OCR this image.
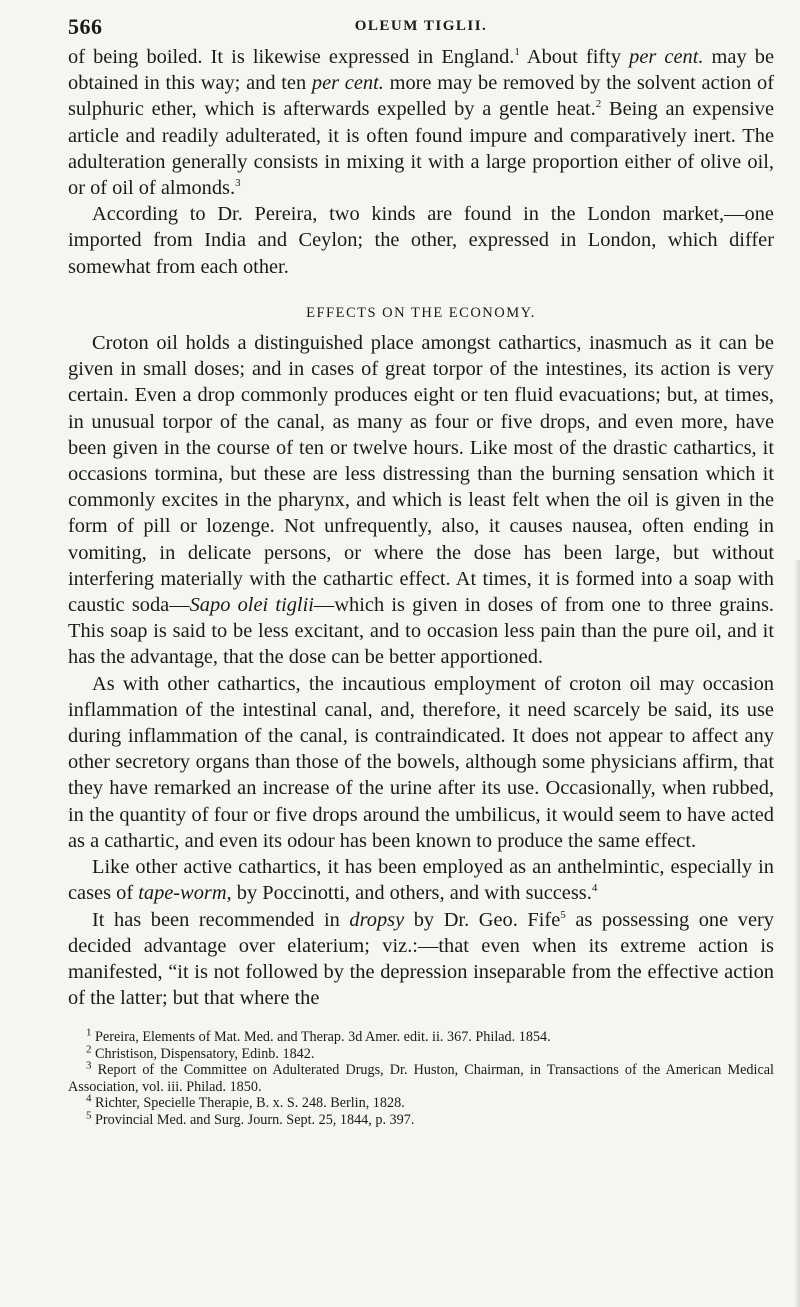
566	OLEUM TIGLII.

of being boiled. It is likewise expressed in England.$^1$ About fifty per cent. may be obtained in this way; and ten per cent. more may be removed by the solvent action of sulphuric ether, which is afterwards expelled by a gentle heat.$^2$ Being an expensive article and readily adulterated, it is often found impure and comparatively inert. The adulteration generally consists in mixing it with a large proportion either of olive oil, or of oil of almonds.$^3$

According to Dr. Pereira, two kinds are found in the London market,—one imported from India and Ceylon; the other, expressed in London, which differ somewhat from each other.

EFFECTS ON THE ECONOMY.

Croton oil holds a distinguished place amongst cathartics, inasmuch as it can be given in small doses; and in cases of great torpor of the intestines, its action is very certain. Even a drop commonly produces eight or ten fluid evacuations; but, at times, in unusual torpor of the canal, as many as four or five drops, and even more, have been given in the course of ten or twelve hours. Like most of the drastic cathartics, it occasions tormina, but these are less distressing than the burning sensation which it commonly excites in the pharynx, and which is least felt when the oil is given in the form of pill or lozenge. Not unfrequently, also, it causes nausea, often ending in vomiting, in delicate persons, or where the dose has been large, but without interfering materially with the cathartic effect. At times, it is formed into a soap with caustic soda—Sapo olei tiglii—which is given in doses of from one to three grains. This soap is said to be less excitant, and to occasion less pain than the pure oil, and it has the advantage, that the dose can be better apportioned.

As with other cathartics, the incautious employment of croton oil may occasion inflammation of the intestinal canal, and, therefore, it need scarcely be said, its use during inflammation of the canal, is contraindicated. It does not appear to affect any other secretory organs than those of the bowels, although some physicians affirm, that they have remarked an increase of the urine after its use. Occasionally, when rubbed, in the quantity of four or five drops around the umbilicus, it would seem to have acted as a cathartic, and even its odour has been known to produce the same effect.

Like other active cathartics, it has been employed as an anthelmintic, especially in cases of tape-worm, by Poccinotti, and others, and with success.$^4$

It has been recommended in dropsy by Dr. Geo. Fife$^5$ as possessing one very decided advantage over elaterium; viz.:—that even when its extreme action is manifested, “it is not followed by the depression inseparable from the effective action of the latter; but that where the

$^1$ Pereira, Elements of Mat. Med. and Therap. 3d Amer. edit. ii. 367. Philad. 1854.
$^2$ Christison, Dispensatory, Edinb. 1842.
$^3$ Report of the Committee on Adulterated Drugs, Dr. Huston, Chairman, in Transactions of the American Medical Association, vol. iii. Philad. 1850.
$^4$ Richter, Specielle Therapie, B. x. S. 248. Berlin, 1828.
$^5$ Provincial Med. and Surg. Journ. Sept. 25, 1844, p. 397.
